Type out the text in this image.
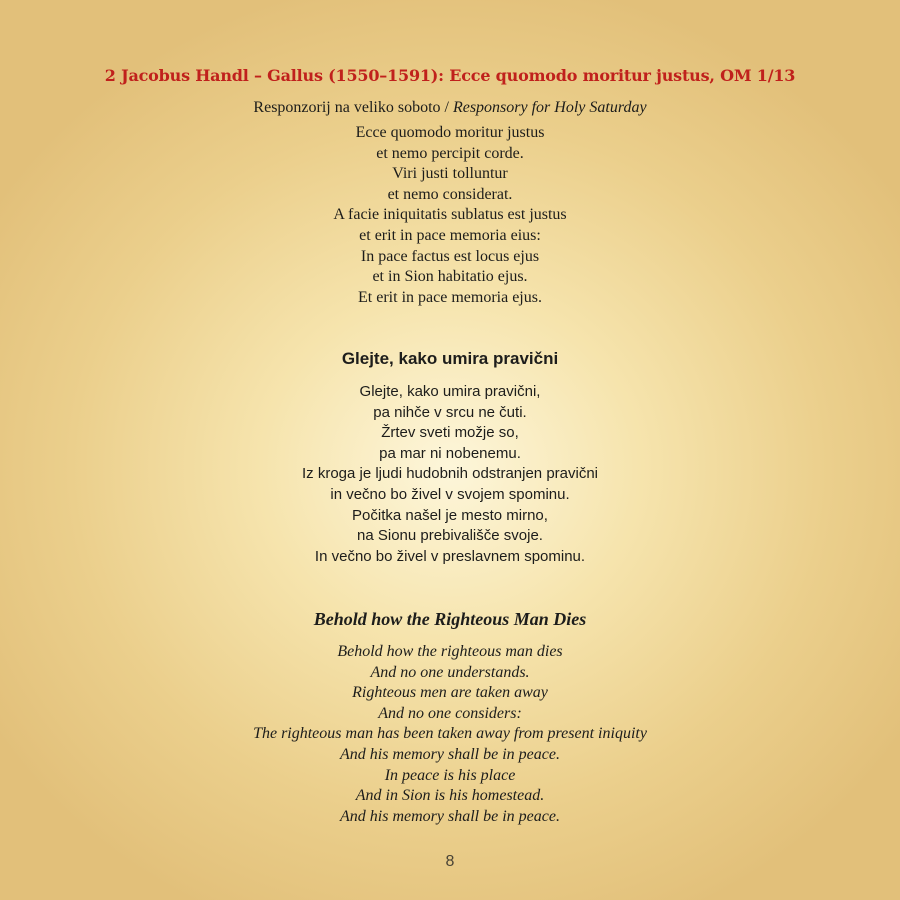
2 Jacobus Handl – Gallus (1550–1591): Ecce quomodo moritur justus, OM 1/13
Responzorij na veliko soboto / Responsory for Holy Saturday
Ecce quomodo moritur justus
et nemo percipit corde.
Viri justi tolluntur
et nemo considerat.
A facie iniquitatis sublatus est justus
et erit in pace memoria eius:
In pace factus est locus ejus
et in Sion habitatio ejus.
Et erit in pace memoria ejus.
Glejte, kako umira pravični
Glejte, kako umira pravični,
pa nihče v srcu ne čuti.
Žrtev sveti možje so,
pa mar ni nobenemu.
Iz kroga je ljudi hudobnih odstranjen pravični
in večno bo živel v svojem spominu.
Počitka našel je mesto mirno,
na Sionu prebivališče svoje.
In večno bo živel v preslavnem spominu.
Behold how the Righteous Man Dies
Behold how the righteous man dies
And no one understands.
Righteous men are taken away
And no one considers:
The righteous man has been taken away from present iniquity
And his memory shall be in peace.
In peace is his place
And in Sion is his homestead.
And his memory shall be in peace.
8
